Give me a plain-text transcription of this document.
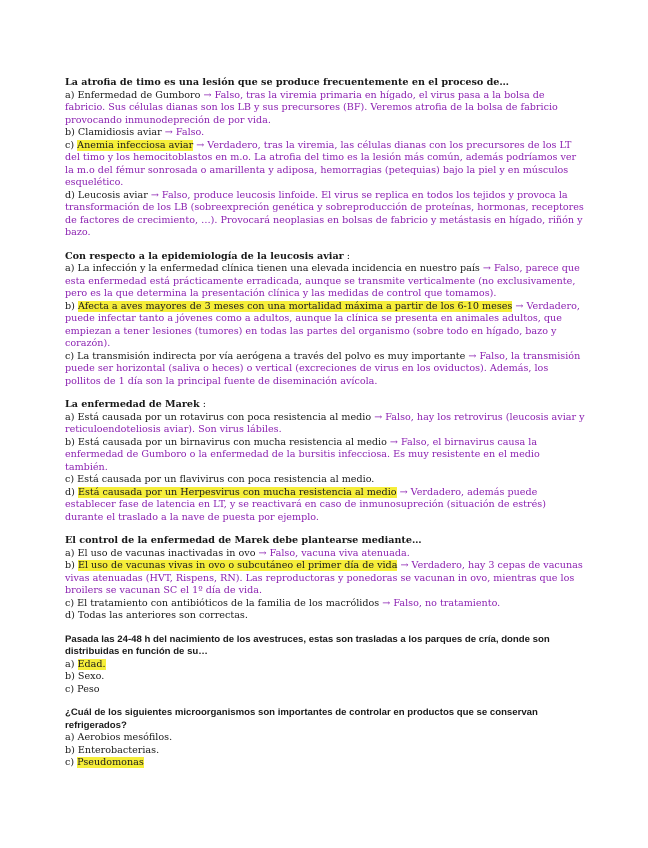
La atrofia de timo es una lesión que se produce frecuentemente en el proceso de…
a) Enfermedad de Gumboro → Falso, tras la viremia primaria en hígado, el virus pasa a la bolsa de fabricio. Sus células dianas son los LB y sus precursores (BF). Veremos atrofia de la bolsa de fabricio provocando inmunodepreción de por vida.
b) Clamidiosis aviar → Falso.
c) Anemia infecciosa aviar → Verdadero, tras la viremia, las células dianas con los precursores de los LT del timo y los hemocitoblastos en m.o. La atrofia del timo es la lesión más común, además podríamos ver la m.o del fémur sonrosada o amarillenta y adiposa, hemorragias (petequias) bajo la piel y en músculos esquelético.
d) Leucosis aviar → Falso, produce leucosis linfoide. El virus se replica en todos los tejidos y provoca la transformación de los LB (sobreexpreción genética y sobreproducción de proteínas, hormonas, receptores de factores de crecimiento, …). Provocará neoplasias en bolsas de fabricio y metástasis en hígado, riñón y bazo.
Con respecto a la epidemiología de la leucosis aviar :
a) La infección y la enfermedad clínica tienen una elevada incidencia en nuestro país → Falso, parece que esta enfermedad está prácticamente erradicada, aunque se transmite verticalmente (no exclusivamente, pero es la que determina la presentación clínica y las medidas de control que tomamos).
b) Afecta a aves mayores de 3 meses con una mortalidad máxima a partir de los 6-10 meses → Verdadero, puede infectar tanto a jóvenes como a adultos, aunque la clínica se presenta en animales adultos, que empiezan a tener lesiones (tumores) en todas las partes del organismo (sobre todo en hígado, bazo y corazón).
c) La transmisión indirecta por vía aerógena a través del polvo es muy importante → Falso, la transmisión puede ser horizontal (saliva o heces) o vertical (excreciones de virus en los oviductos). Además, los pollitos de 1 día son la principal fuente de diseminación avícola.
La enfermedad de Marek :
a) Está causada por un rotavirus con poca resistencia al medio → Falso, hay los retrovirus (leucosis aviar y reticuloendoteliosis aviar). Son virus lábiles.
b) Está causada por un birnavirus con mucha resistencia al medio → Falso, el birnavirus causa la enfermedad de Gumboro o la enfermedad de la bursitis infecciosa. Es muy resistente en el medio también.
c) Está causada por un flavivirus con poca resistencia al medio.
d) Está causada por un Herpesvirus con mucha resistencia al medio → Verdadero, además puede establecer fase de latencia en LT, y se reactivará en caso de inmunosupreción (situación de estrés) durante el traslado a la nave de puesta por ejemplo.
El control de la enfermedad de Marek debe plantearse mediante…
a) El uso de vacunas inactivadas in ovo → Falso, vacuna viva atenuada.
b) El uso de vacunas vivas in ovo o subcutáneo el primer día de vida → Verdadero, hay 3 cepas de vacunas vivas atenuadas (HVT, Rispens, RN). Las reproductoras y ponedoras se vacunan in ovo, mientras que los broilers se vacunan SC el 1º día de vida.
c) El tratamiento con antibióticos de la familia de los macrólidos → Falso, no tratamiento.
d) Todas las anteriores son correctas.
Pasada las 24-48 h del nacimiento de los avestruces, estas son trasladas a los parques de cría, donde son distribuidas en función de su…
a) Edad.
b) Sexo.
c) Peso
¿Cuál de los siguientes microorganismos son importantes de controlar en productos que se conservan refrigerados?
a) Aerobios mesófilos.
b) Enterobacterias.
c) Pseudomonas
